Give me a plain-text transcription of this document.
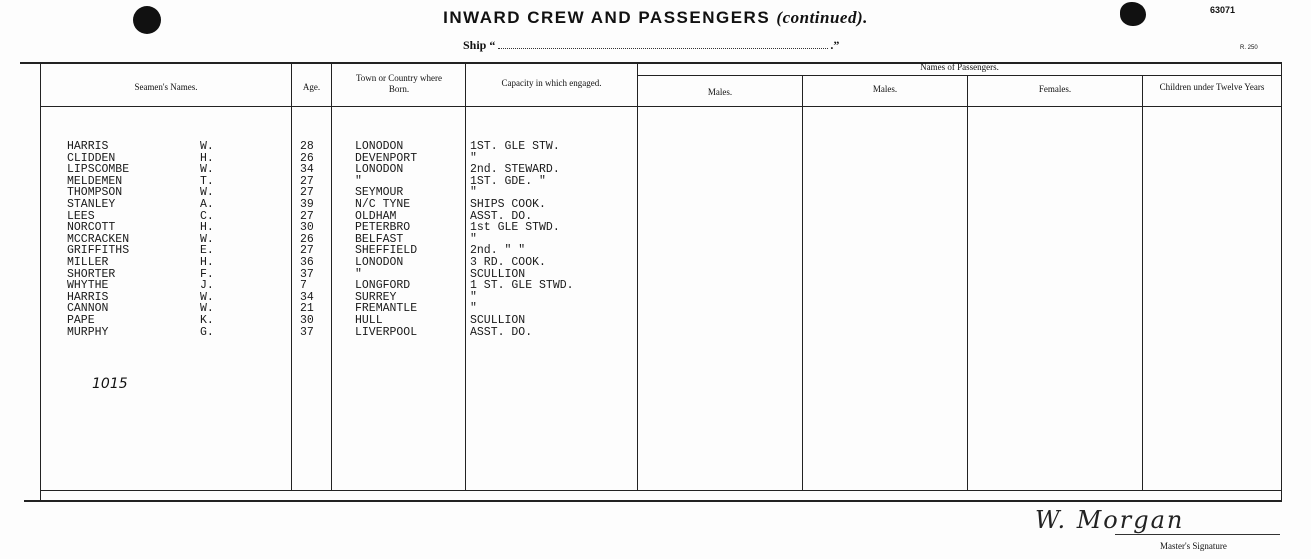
63071
INWARD CREW AND PASSENGERS (continued).
Ship “	.”	R. 250
Seamen's Names.	Age.
Town or Country where Born.
Capacity in which engaged.
Names of Passengers.
Males.	Males.	Females.	Children under Twelve Years
HARRIS	W.	28	LONODON	1ST. GLE STW.
CLIDDEN	H.	26	DEVENPORT	"
LIPSCOMBE	W.	34	LONODON	2nd. STEWARD.
MELDEMEN	T.	27	"	1ST. GDE. "
THOMPSON	W.	27	SEYMOUR	"
STANLEY	A.	39	N/C TYNE	SHIPS COOK.
LEES	C.	27	OLDHAM	ASST. DO.
NORCOTT	H.	30	PETERBRO	1st GLE STWD.
MCCRACKEN	W.	26	BELFAST	"
GRIFFITHS	E.	27	SHEFFIELD	2nd. " "
MILLER	H.	36	LONODON	3 RD. COOK.
SHORTER	F.	37	"	SCULLION
WHYTHE	J.	7	LONGFORD	1 ST. GLE STWD.
HARRIS	W.	34	SURREY	"
CANNON	W.	21	FREMANTLE	"
PAPE	K.	30	HULL	SCULLION
MURPHY	G.	37	LIVERPOOL	ASST. DO.
1015
W. Morgan
Master's Signature
